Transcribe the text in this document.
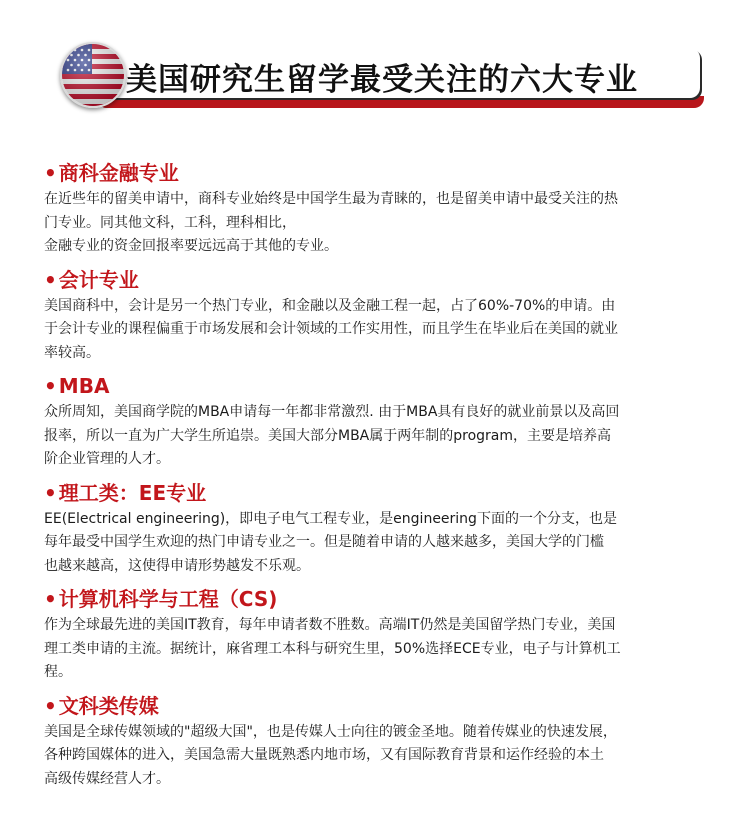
美国研究生留学最受关注的六大专业
• 商科金融专业

在近些年的留美申请中，商科专业始终是中国学生最为青睐的，也是留美申请中最受关注的热

门专业。同其他文科，工科，理科相比，

金融专业的资金回报率要远远高于其他的专业。

• 会计专业

美国商科中，会计是另一个热门专业，和金融以及金融工程一起，占了60%-70%的申请。由

于会计专业的课程偏重于市场发展和会计领域的工作实用性，而且学生在毕业后在美国的就业

率较高。

• MBA

众所周知，美国商学院的MBA申请每一年都非常激烈. 由于MBA具有良好的就业前景以及高回

报率，所以一直为广大学生所追崇。美国大部分MBA属于两年制的program，主要是培养高

阶企业管理的人才。

• 理工类：EE专业

EE(Electrical engineering)，即电子电气工程专业，是engineering下面的一个分支，也是

每年最受中国学生欢迎的热门申请专业之一。但是随着申请的人越来越多，美国大学的门槛

也越来越高，这使得申请形势越发不乐观。

• 计算机科学与工程（CS)

作为全球最先进的美国IT教育，每年申请者数不胜数。高端IT仍然是美国留学热门专业，美国

理工类申请的主流。据统计，麻省理工本科与研究生里，50%选择ECE专业，电子与计算机工

程。

• 文科类传媒

美国是全球传媒领域的"超级大国"，也是传媒人士向往的镀金圣地。随着传媒业的快速发展，

各种跨国媒体的进入，美国急需大量既熟悉内地市场，又有国际教育背景和运作经验的本土

高级传媒经营人才。
